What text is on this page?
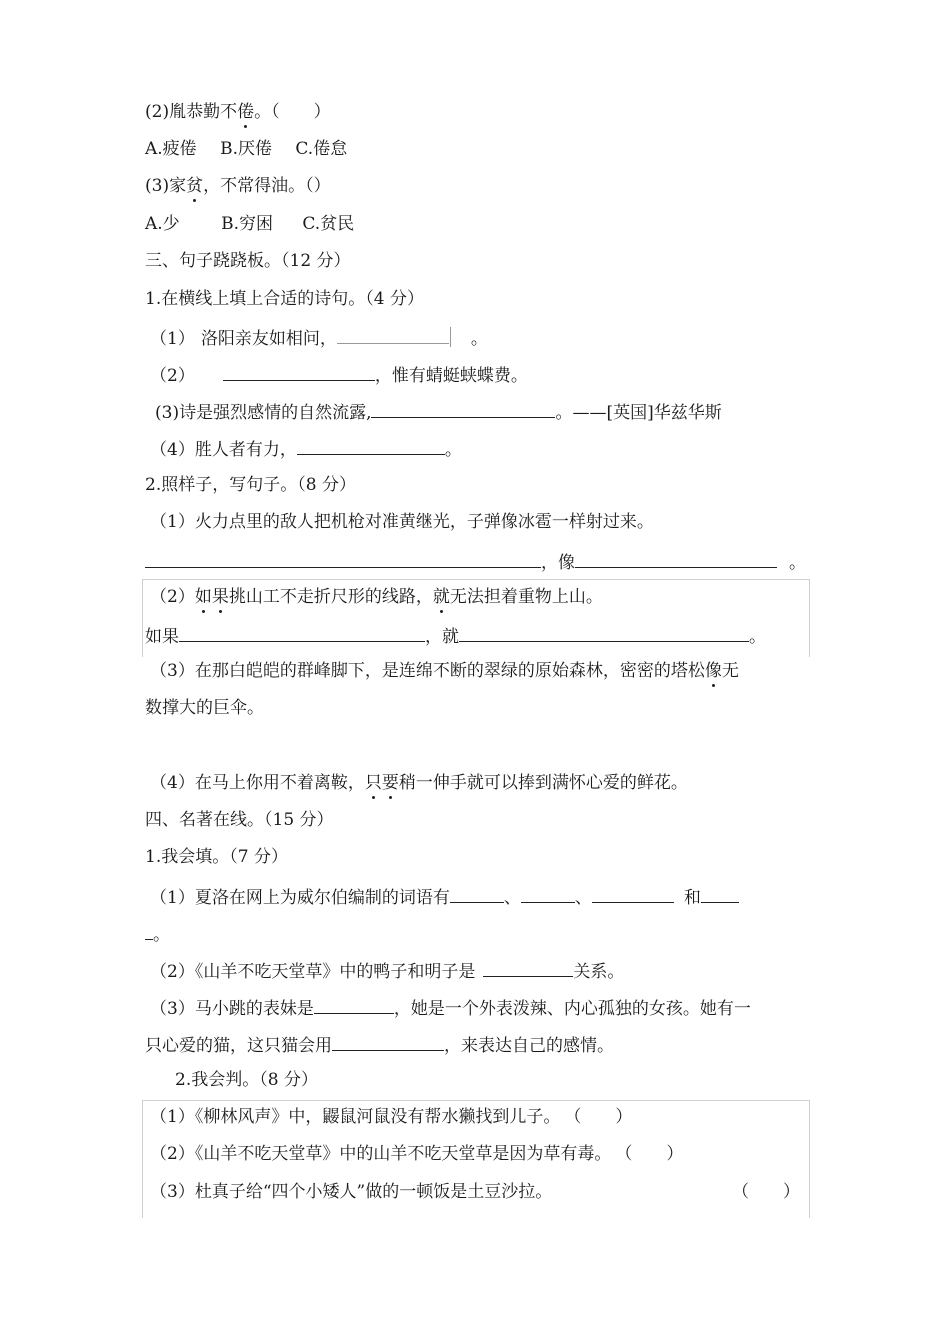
(2)胤恭勤不倦。（　　）
A.疲倦 B.厌倦 C.倦怠
(3)家贫，不常得油。（）
A.少 B.穷困 C.贫民
三、句子跷跷板。（12 分）
1.在横线上填上合适的诗句。（4 分）
（1） 洛阳亲友如相问，	。
（2）	，惟有蜻蜓蛱蝶费。
(3)诗是强烈感情的自然流露,	。——[英国]华兹华斯
（4）胜人者有力，	。
2.照样子，写句子。（8 分）
（1）火力点里的敌人把机枪对准黄继光，子弹像冰雹一样射过来。
，像	。
（2）如果挑山工不走折尺形的线路，就无法担着重物上山。
如果	，就	。
（3）在那白皑皑的群峰脚下，是连绵不断的翠绿的原始森林，密密的塔松像无
数撑大的巨伞。
（4）在马上你用不着离鞍，只要稍一伸手就可以捧到满怀心爱的鲜花。
四、名著在线。（15 分）
1.我会填。（7 分）
（1）夏洛在网上为威尔伯编制的词语有	、	、	和
。
（2）《山羊不吃天堂草》中的鸭子和明子是	关系。
（3）马小跳的表妹是	，她是一个外表泼辣、内心孤独的女孩。她有一
只心爱的猫，这只猫会用	，来表达自己的感情。
2.我会判。（8 分）
（1）《柳林风声》中，鼹鼠河鼠没有帮水獭找到儿子。 （　　）
（2）《山羊不吃天堂草》中的山羊不吃天堂草是因为草有毒。 （　　）
（3）杜真子给“四个小矮人”做的一顿饭是土豆沙拉。	（　　）
